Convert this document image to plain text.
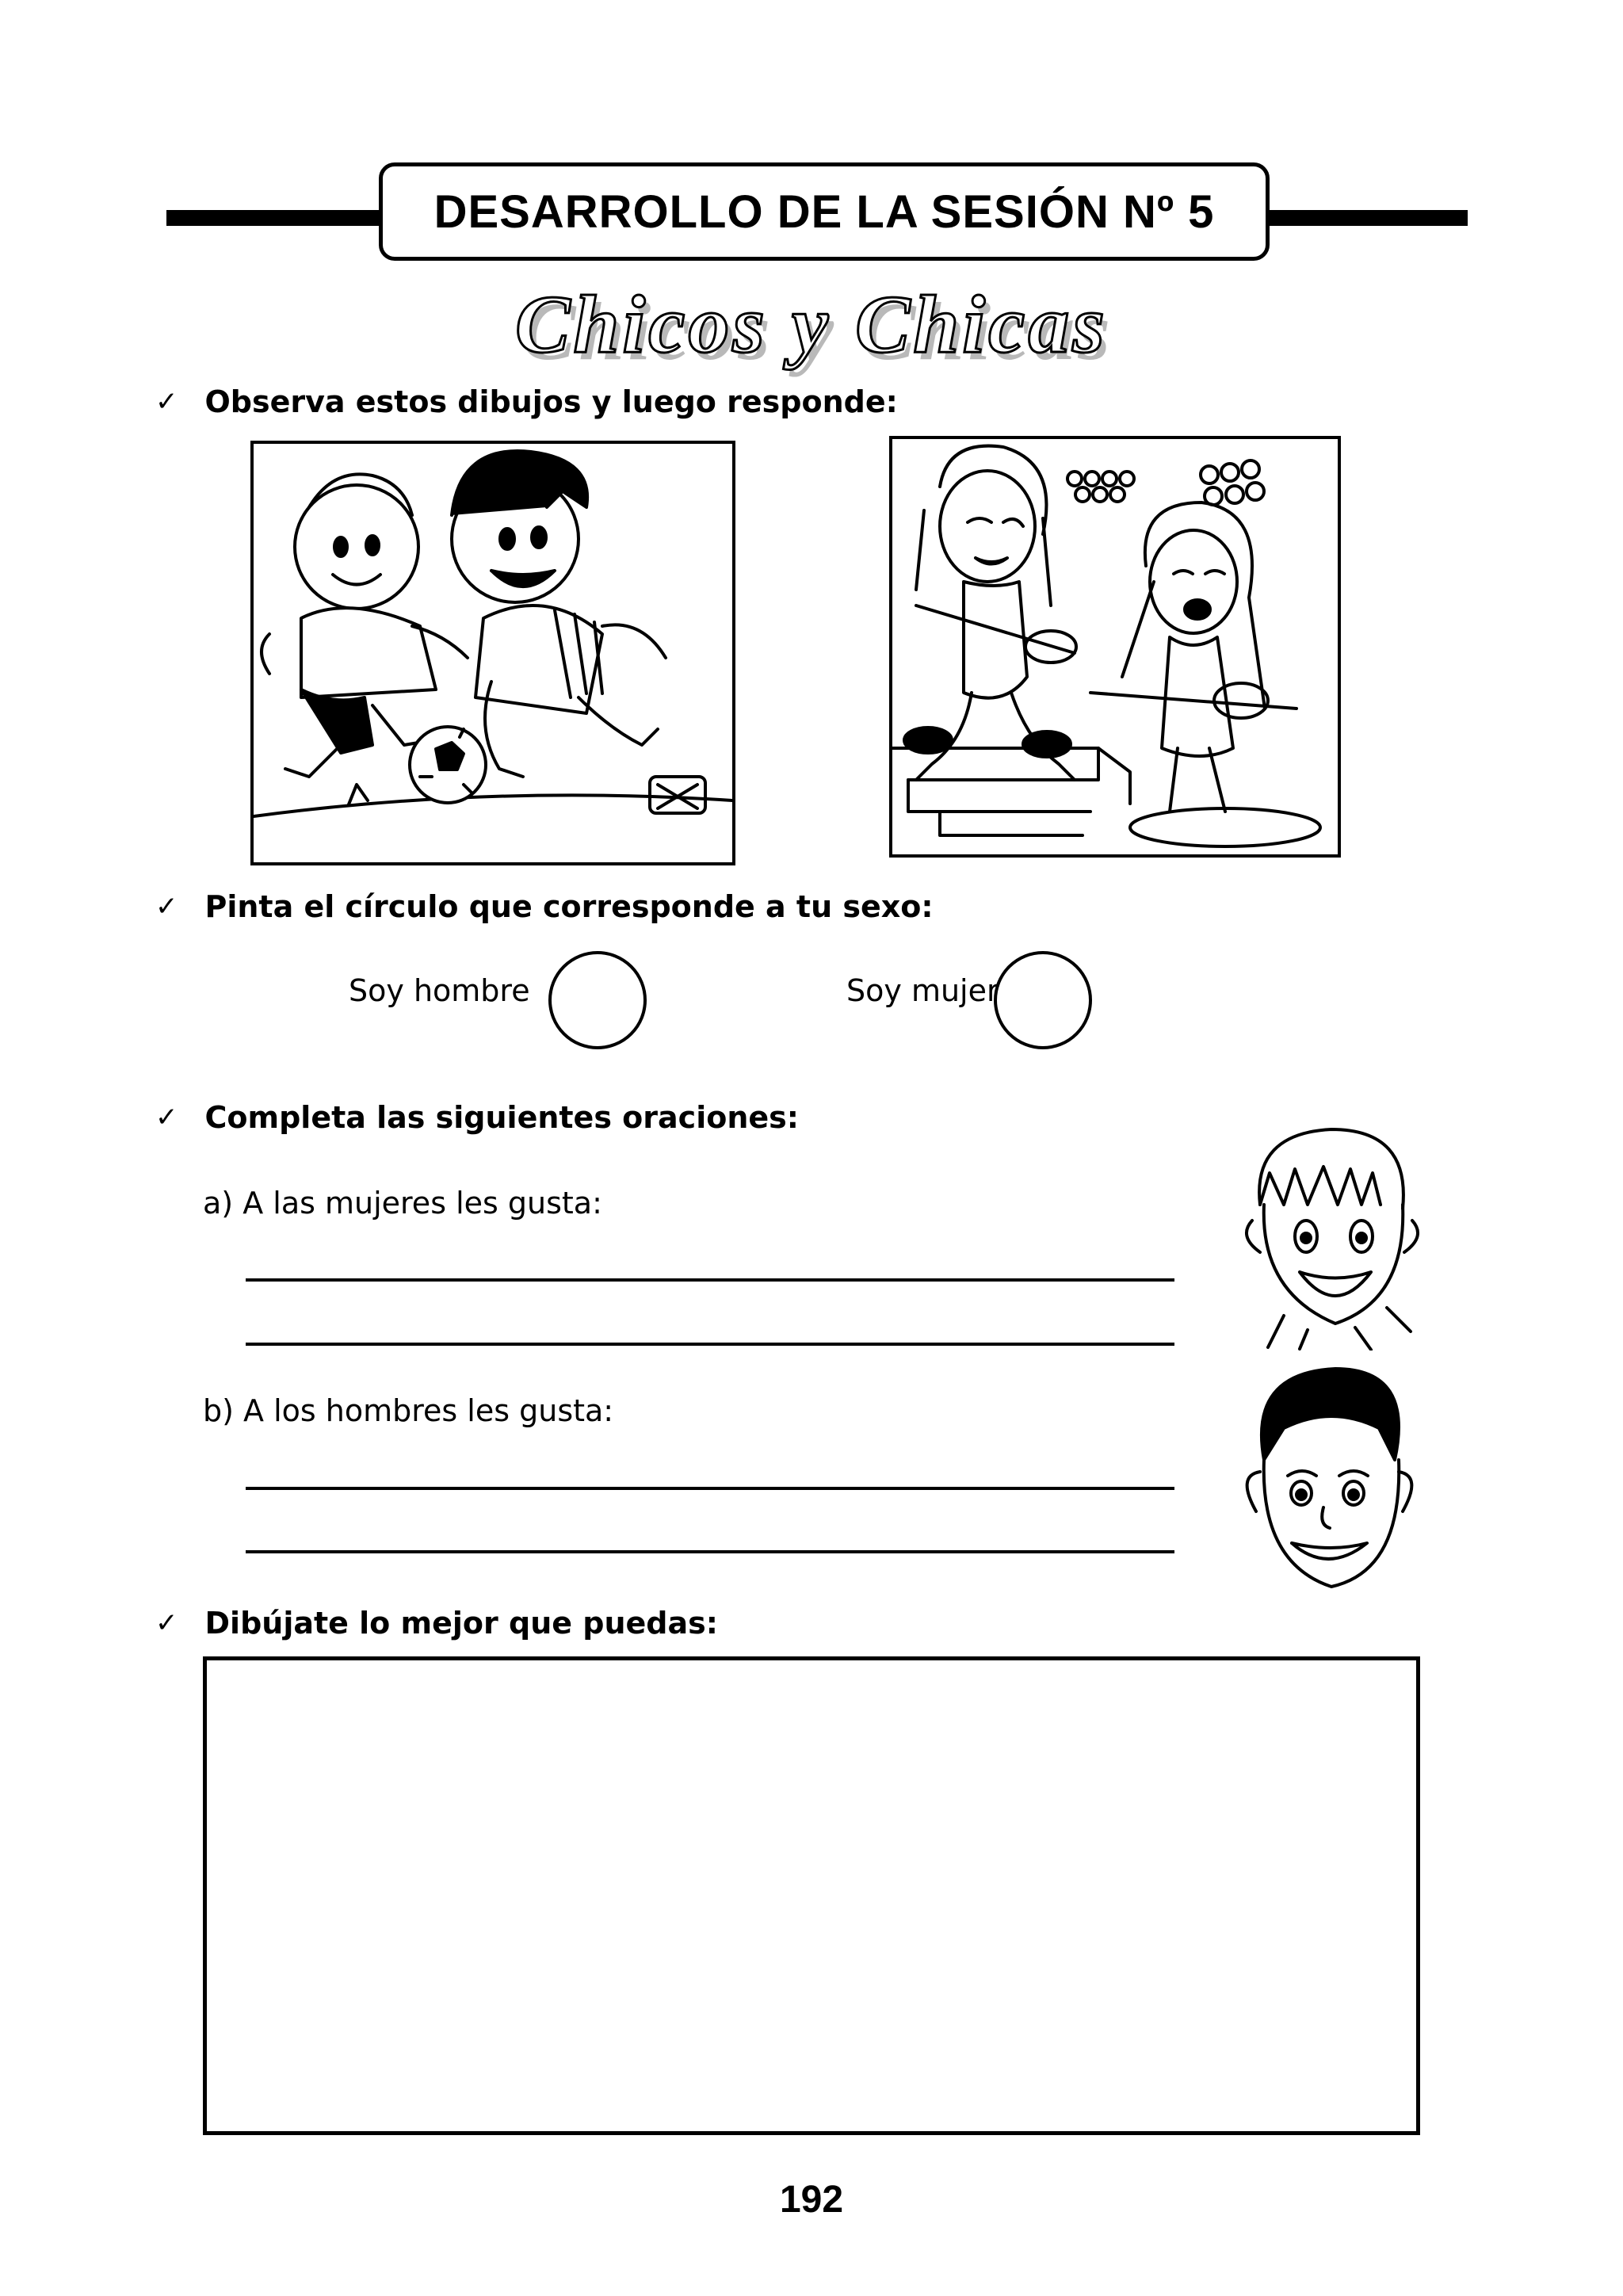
DESARROLLO DE LA SESIÓN Nº 5
Chicos y Chicas
✓ Observa estos dibujos y luego responde:
✓ Pinta el círculo que corresponde a tu sexo:
Soy hombre	Soy mujer
✓ Completa las siguientes oraciones:
a) A las mujeres les gusta:
b) A los hombres les gusta:
✓ Dibújate lo mejor que puedas:
192
